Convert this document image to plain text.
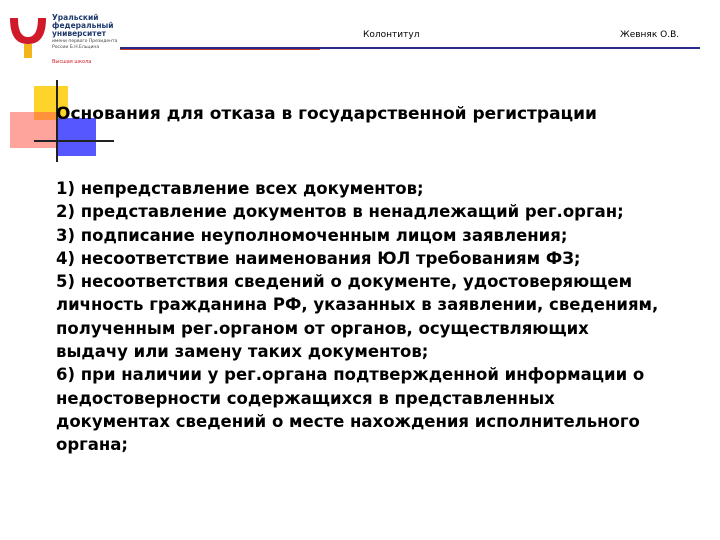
Уральский
федеральный
университет
имени первого Президента
России Б.Н.Ельцина
Высшая школа
Колонтитул	Жевняк О.В.
Основания для отказа в государственной регистрации
1) непредставление всех документов;
2) представление документов в ненадлежащий рег.орган;
3) подписание неуполномоченным лицом заявления;
4) несоответствие наименования ЮЛ требованиям ФЗ;
5) несоответствия сведений о документе, удостоверяющем личность гражданина РФ, указанных в заявлении, сведениям, полученным рег.органом от органов, осуществляющих выдачу или замену таких документов;
6) при наличии у рег.органа подтвержденной информации о недостоверности содержащихся в представленных документах сведений о месте нахождения исполнительного органа;
